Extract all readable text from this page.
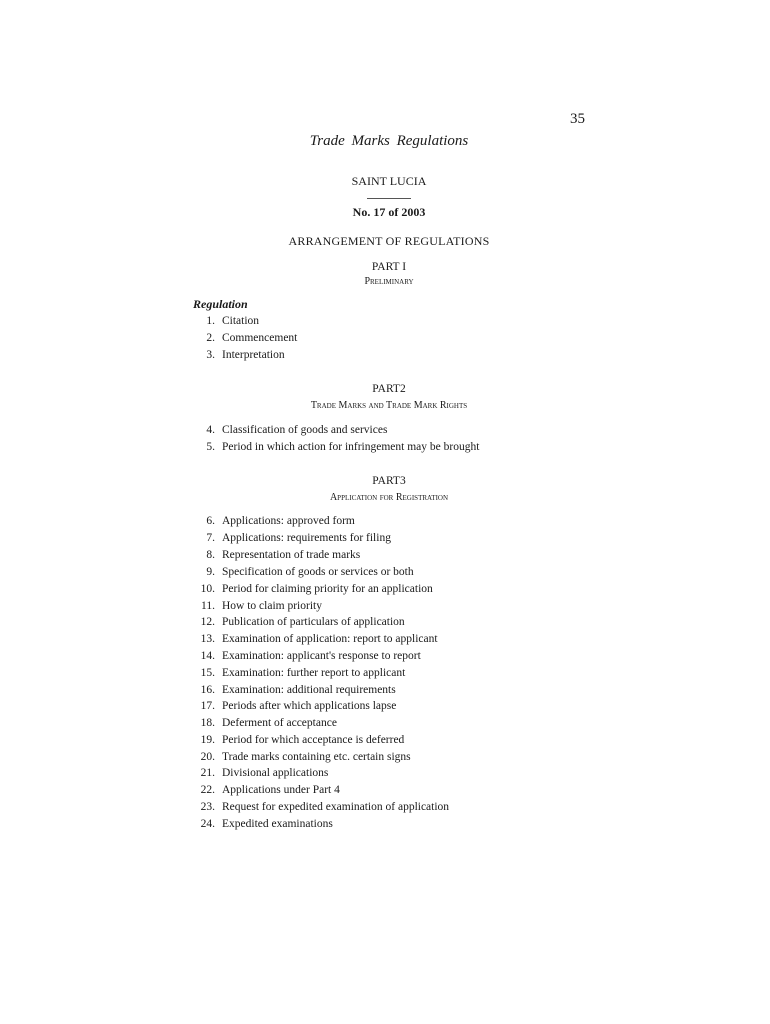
35
Trade Marks Regulations
SAINT LUCIA
No. 17 of 2003
ARRANGEMENT OF REGULATIONS
PART I
Preliminary
Regulation
1. Citation
2. Commencement
3. Interpretation
PART2
Trade Marks and Trade Mark Rights
4. Classification of goods and services
5. Period in which action for infringement may be brought
PART3
Application for Registration
6. Applications: approved form
7. Applications: requirements for filing
8. Representation of trade marks
9. Specification of goods or services or both
10. Period for claiming priority for an application
11. How to claim priority
12. Publication of particulars of application
13. Examination of application: report to applicant
14. Examination: applicant's response to report
15. Examination: further report to applicant
16. Examination: additional requirements
17. Periods after which applications lapse
18. Deferment of acceptance
19. Period for which acceptance is deferred
20. Trade marks containing etc. certain signs
21. Divisional applications
22. Applications under Part 4
23. Request for expedited examination of application
24. Expedited examinations
